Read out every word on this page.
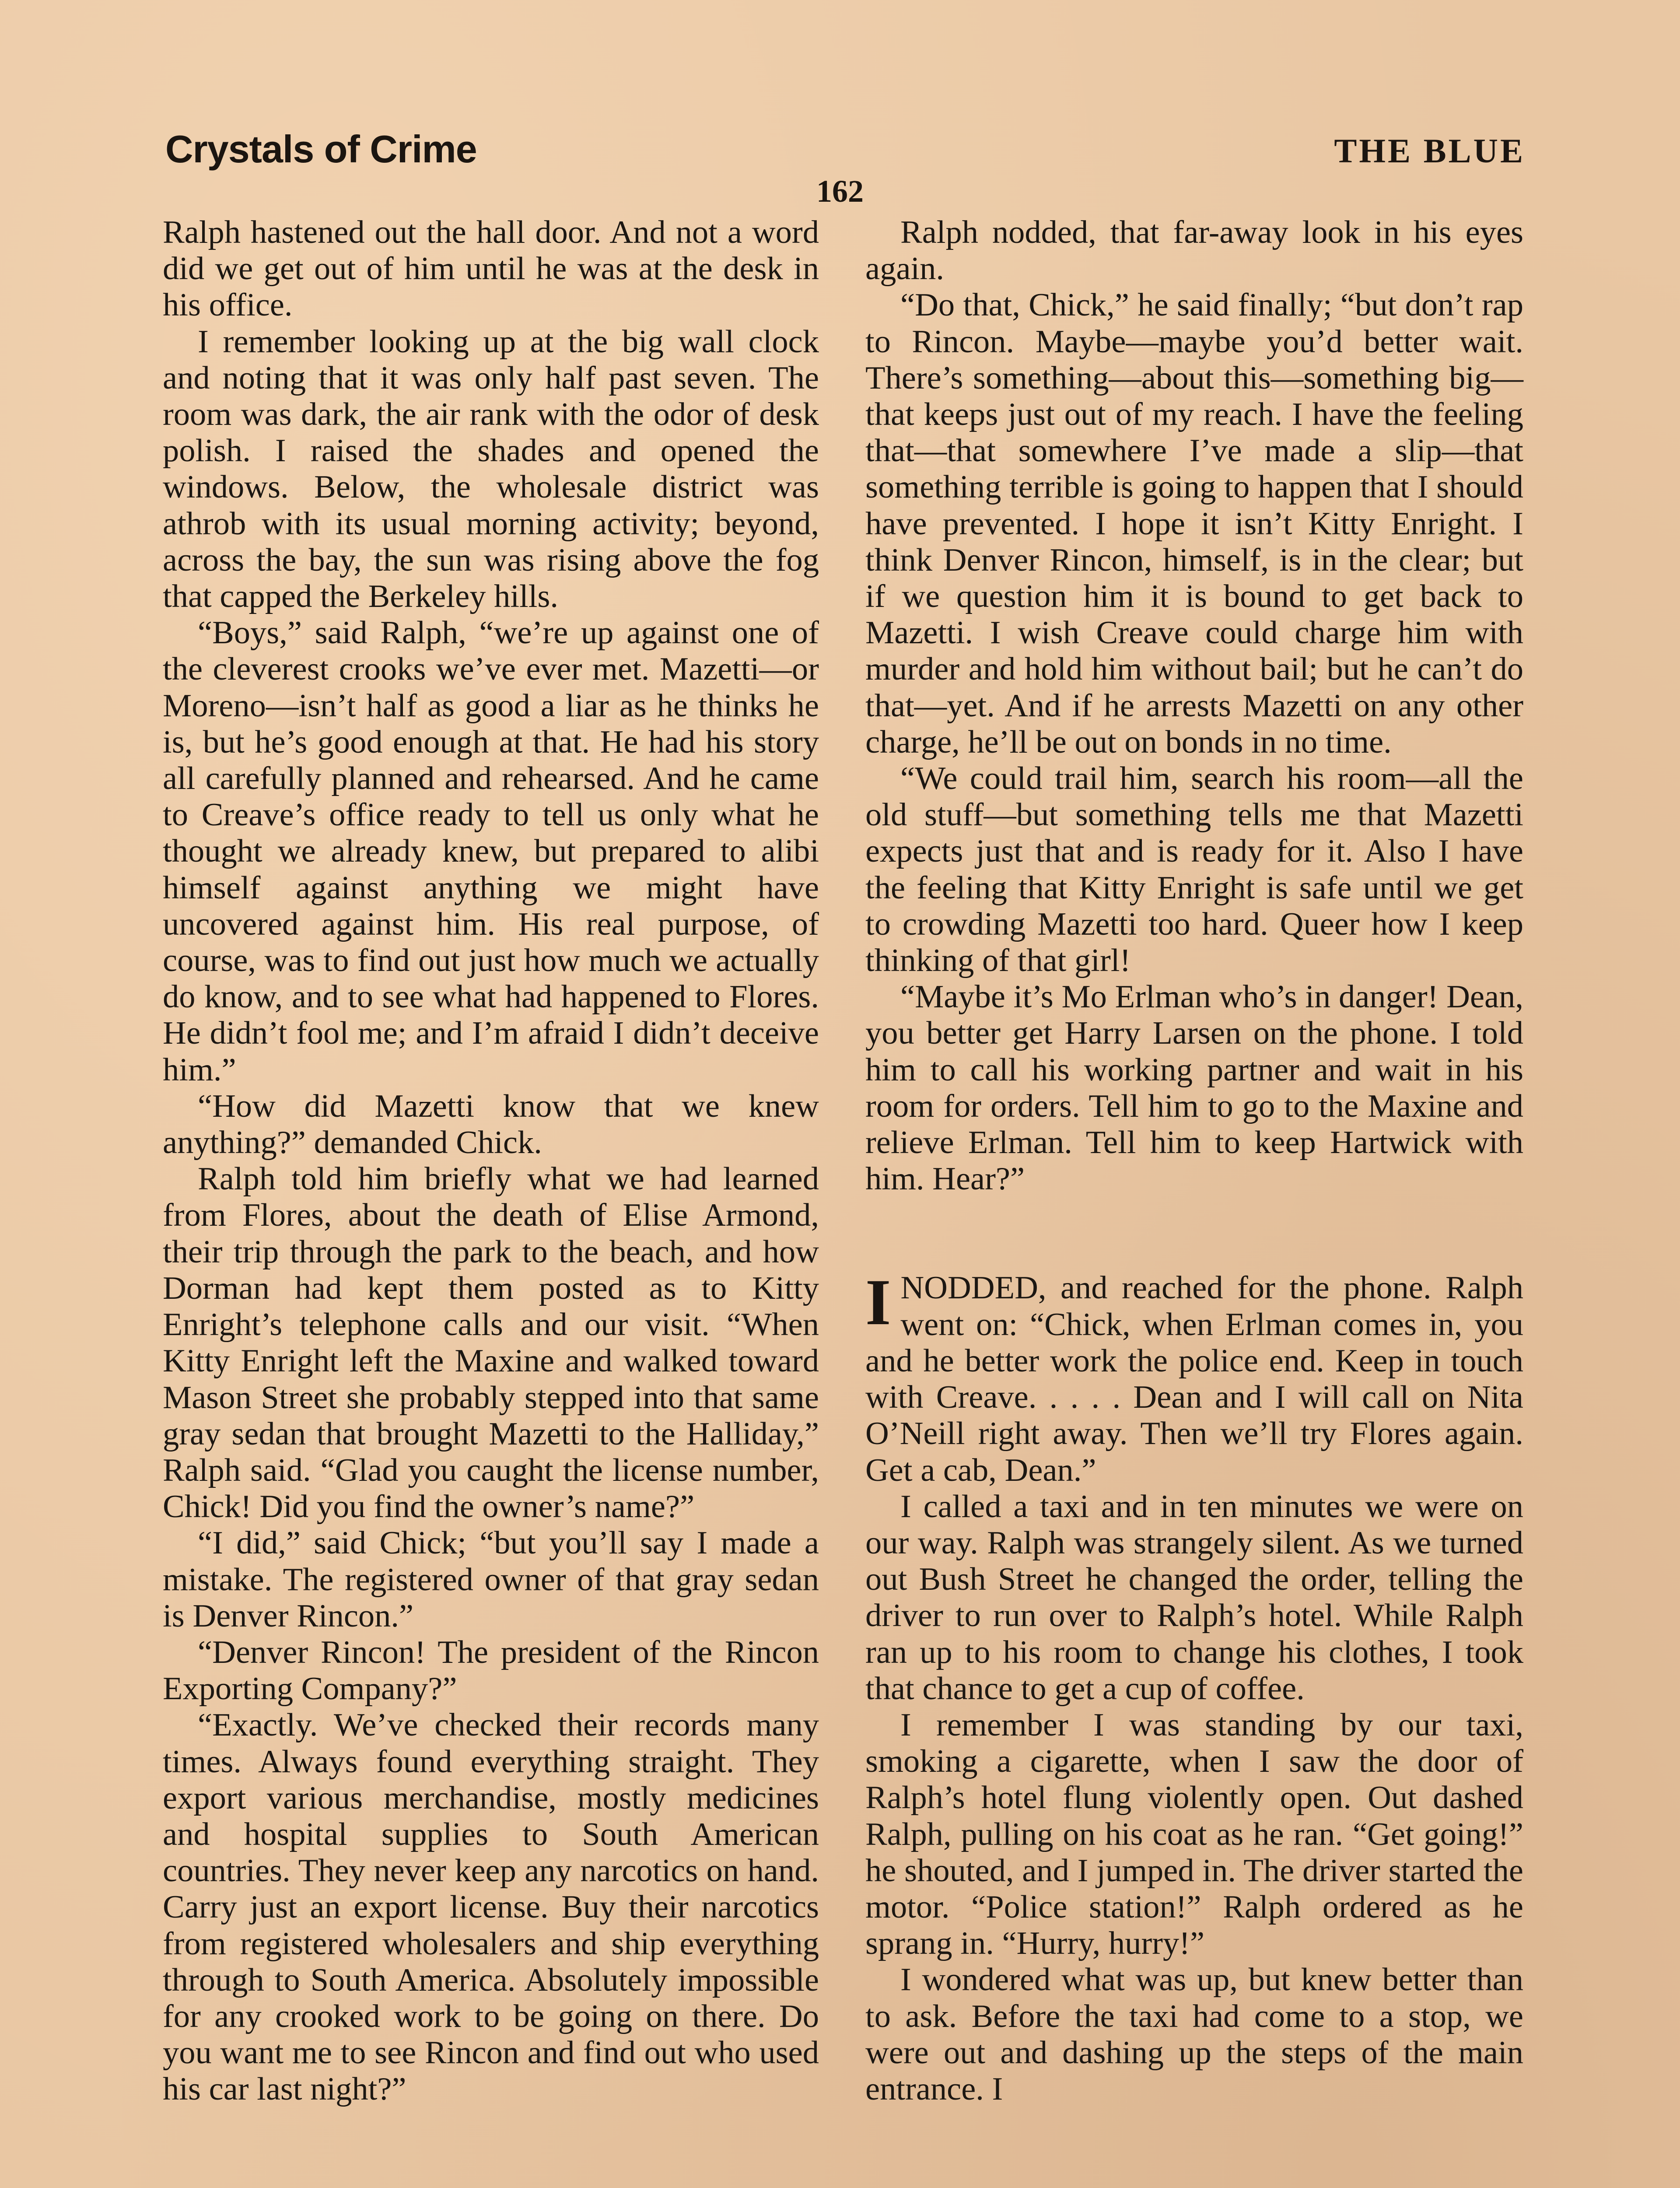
Crystals of Crime	THE BLUE
162

Ralph hastened out the hall door. And not a word did we get out of him until he was at the desk in his office.

I remember looking up at the big wall clock and noting that it was only half past seven. The room was dark, the air rank with the odor of desk polish. I raised the shades and opened the windows. Below, the wholesale district was athrob with its usual morning activity; beyond, across the bay, the sun was rising above the fog that capped the Berkeley hills.

“Boys,” said Ralph, “we’re up against one of the cleverest crooks we’ve ever met. Mazetti—or Moreno—isn’t half as good a liar as he thinks he is, but he’s good enough at that. He had his story all carefully planned and rehearsed. And he came to Creave’s office ready to tell us only what he thought we already knew, but prepared to alibi himself against anything we might have uncovered against him. His real purpose, of course, was to find out just how much we actually do know, and to see what had happened to Flores. He didn’t fool me; and I’m afraid I didn’t deceive him.”

“How did Mazetti know that we knew anything?” demanded Chick.

Ralph told him briefly what we had learned from Flores, about the death of Elise Armond, their trip through the park to the beach, and how Dorman had kept them posted as to Kitty Enright’s telephone calls and our visit. “When Kitty Enright left the Maxine and walked toward Mason Street she probably stepped into that same gray sedan that brought Mazetti to the Halliday,” Ralph said. “Glad you caught the license number, Chick! Did you find the owner’s name?”

“I did,” said Chick; “but you’ll say I made a mistake. The registered owner of that gray sedan is Denver Rincon.”

“Denver Rincon! The president of the Rincon Exporting Company?”

“Exactly. We’ve checked their records many times. Always found everything straight. They export various merchandise, mostly medicines and hospital supplies to South American countries. They never keep any narcotics on hand. Carry just an export license. Buy their narcotics from registered wholesalers and ship everything through to South America. Absolutely impossible for any crooked work to be going on there. Do you want me to see Rincon and find out who used his car last night?”

Ralph nodded, that far-away look in his eyes again.

“Do that, Chick,” he said finally; “but don’t rap to Rincon. Maybe—maybe you’d better wait. There’s something—about this—something big—that keeps just out of my reach. I have the feeling that—that somewhere I’ve made a slip—that something terrible is going to happen that I should have prevented. I hope it isn’t Kitty Enright. I think Denver Rincon, himself, is in the clear; but if we question him it is bound to get back to Mazetti. I wish Creave could charge him with murder and hold him without bail; but he can’t do that—yet. And if he arrests Mazetti on any other charge, he’ll be out on bonds in no time.

“We could trail him, search his room—all the old stuff—but something tells me that Mazetti expects just that and is ready for it. Also I have the feeling that Kitty Enright is safe until we get to crowding Mazetti too hard. Queer how I keep thinking of that girl!

“Maybe it’s Mo Erlman who’s in danger! Dean, you better get Harry Larsen on the phone. I told him to call his working partner and wait in his room for orders. Tell him to go to the Maxine and relieve Erlman. Tell him to keep Hartwick with him. Hear?”

INODDED, and reached for the phone. Ralph went on: “Chick, when Erlman comes in, you and he better work the police end. Keep in touch with Creave. . . . . Dean and I will call on Nita O’Neill right away. Then we’ll try Flores again. Get a cab, Dean.”

I called a taxi and in ten minutes we were on our way. Ralph was strangely silent. As we turned out Bush Street he changed the order, telling the driver to run over to Ralph’s hotel. While Ralph ran up to his room to change his clothes, I took that chance to get a cup of coffee.

I remember I was standing by our taxi, smoking a cigarette, when I saw the door of Ralph’s hotel flung violently open. Out dashed Ralph, pulling on his coat as he ran. “Get going!” he shouted, and I jumped in. The driver started the motor. “Police station!” Ralph ordered as he sprang in. “Hurry, hurry!”

I wondered what was up, but knew better than to ask. Before the taxi had come to a stop, we were out and dashing up the steps of the main entrance. I
